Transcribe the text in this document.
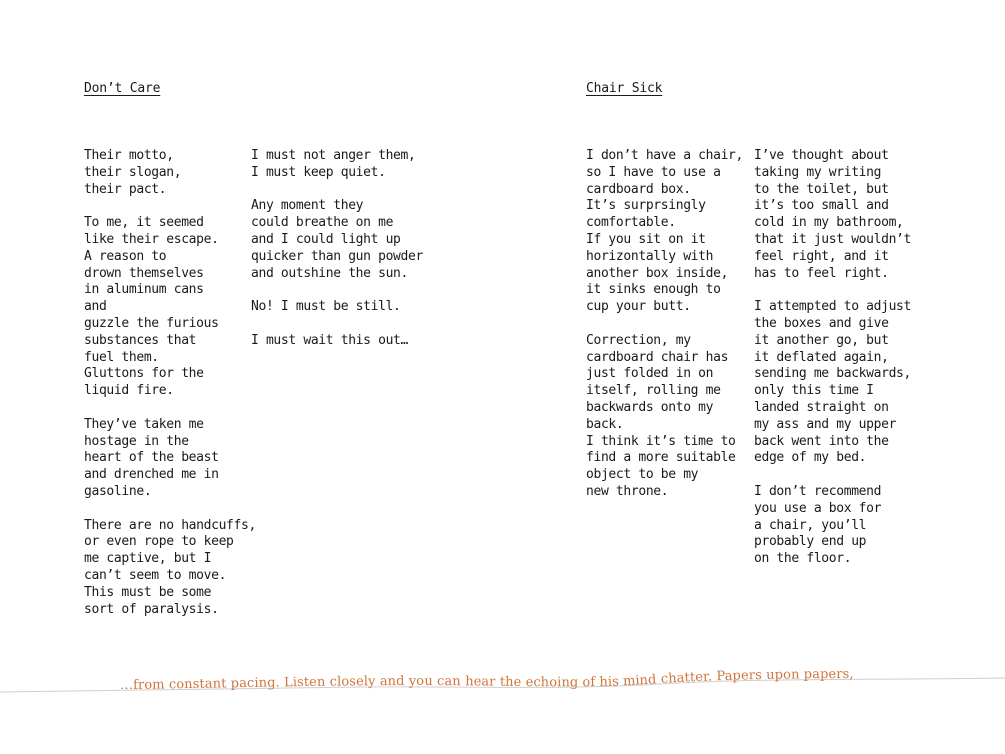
Don’t Care
Their motto,
their slogan,
their pact.
To me, it seemed
like their escape.
A reason to
drown themselves
in aluminum cans
and
guzzle the furious
substances that
fuel them.
Gluttons for the
liquid fire.
They’ve taken me
hostage in the
heart of the beast
and drenched me in
gasoline.
There are no handcuffs,
or even rope to keep
me captive, but I
can’t seem to move.
This must be some
sort of paralysis.
I must not anger them,
I must keep quiet.
Any moment they
could breathe on me
and I could light up
quicker than gun powder
and outshine the sun.
No! I must be still.
I must wait this out…
Chair Sick
I don’t have a chair,
so I have to use a
cardboard box.
It’s surprsingly
comfortable.
If you sit on it
horizontally with
another box inside,
it sinks enough to
cup your butt.
Correction, my
cardboard chair has
just folded in on
itself, rolling me
backwards onto my
back.
I think it’s time to
find a more suitable
object to be my
new throne.
I’ve thought about
taking my writing
to the toilet, but
it’s too small and
cold in my bathroom,
that it just wouldn’t
feel right, and it
has to feel right.
I attempted to adjust
the boxes and give
it another go, but
it deflated again,
sending me backwards,
only this time I
landed straight on
my ass and my upper
back went into the
edge of my bed.
I don’t recommend
you use a box for
a chair, you’ll
probably end up
on the floor.
…from constant pacing. Listen closely and you can hear the echoing of his mind chatter. Papers upon papers,
